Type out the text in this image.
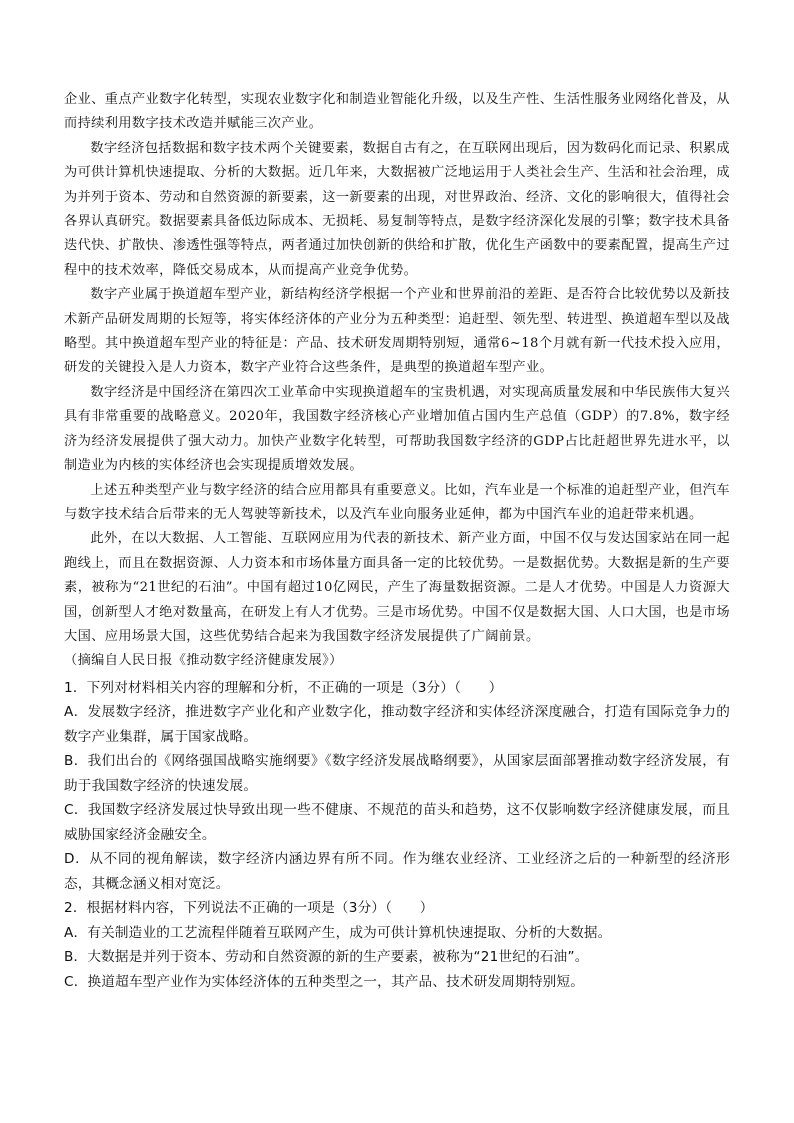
企业、重点产业数字化转型，实现农业数字化和制造业智能化升级，以及生产性、生活性服务业网络化普及，从而持续利用数字技术改造并赋能三次产业。

数字经济包括数据和数字技术两个关键要素，数据自古有之，在互联网出现后，因为数码化而记录、积累成为可供计算机快速提取、分析的大数据。近几年来，大数据被广泛地运用于人类社会生产、生活和社会治理，成为并列于资本、劳动和自然资源的新要素，这一新要素的出现，对世界政治、经济、文化的影响很大，值得社会各界认真研究。数据要素具备低边际成本、无损耗、易复制等特点，是数字经济深化发展的引擎；数字技术具备迭代快、扩散快、渗透性强等特点，两者通过加快创新的供给和扩散，优化生产函数中的要素配置，提高生产过程中的技术效率，降低交易成本，从而提高产业竞争优势。

数字产业属于换道超车型产业，新结构经济学根据一个产业和世界前沿的差距、是否符合比较优势以及新技术新产品研发周期的长短等，将实体经济体的产业分为五种类型：追赶型、领先型、转进型、换道超车型以及战略型。其中换道超车型产业的特征是：产品、技术研发周期特别短，通常6~18个月就有新一代技术投入应用，研发的关键投入是人力资本，数字产业符合这些条件，是典型的换道超车型产业。

数字经济是中国经济在第四次工业革命中实现换道超车的宝贵机遇，对实现高质量发展和中华民族伟大复兴具有非常重要的战略意义。2020年，我国数字经济核心产业增加值占国内生产总值（GDP）的7.8%，数字经济为经济发展提供了强大动力。加快产业数字化转型，可帮助我国数字经济的GDP占比赶超世界先进水平，以制造业为内核的实体经济也会实现提质增效发展。

上述五种类型产业与数字经济的结合应用都具有重要意义。比如，汽车业是一个标准的追赶型产业，但汽车与数字技术结合后带来的无人驾驶等新技术，以及汽车业向服务业延伸，都为中国汽车业的追赶带来机遇。

此外，在以大数据、人工智能、互联网应用为代表的新技术、新产业方面，中国不仅与发达国家站在同一起跑线上，而且在数据资源、人力资本和市场体量方面具备一定的比较优势。一是数据优势。大数据是新的生产要素，被称为“21世纪的石油”。中国有超过10亿网民，产生了海量数据资源。二是人才优势。中国是人力资源大国，创新型人才绝对数量高，在研发上有人才优势。三是市场优势。中国不仅是数据大国、人口大国，也是市场大国、应用场景大国，这些优势结合起来为我国数字经济发展提供了广阔前景。

（摘编自人民日报《推动数字经济健康发展》）

1．下列对材料相关内容的理解和分析，不正确的一项是（3分）（　　）

A．发展数字经济，推进数字产业化和产业数字化，推动数字经济和实体经济深度融合，打造有国际竞争力的数字产业集群，属于国家战略。

B．我们出台的《网络强国战略实施纲要》《数字经济发展战略纲要》，从国家层面部署推动数字经济发展，有助于我国数字经济的快速发展。

C．我国数字经济发展过快导致出现一些不健康、不规范的苗头和趋势，这不仅影响数字经济健康发展，而且威胁国家经济金融安全。

D．从不同的视角解读，数字经济内涵边界有所不同。作为继农业经济、工业经济之后的一种新型的经济形态，其概念涵义相对宽泛。

2．根据材料内容，下列说法不正确的一项是（3分）（　　）

A．有关制造业的工艺流程伴随着互联网产生，成为可供计算机快速提取、分析的大数据。

B．大数据是并列于资本、劳动和自然资源的新的生产要素，被称为“21世纪的石油”。

C．换道超车型产业作为实体经济体的五种类型之一，其产品、技术研发周期特别短。
